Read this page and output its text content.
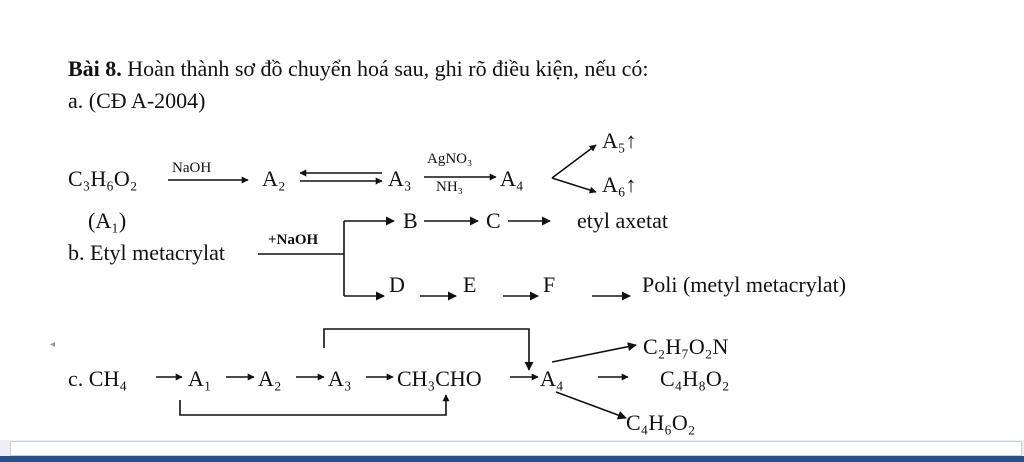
Bài 8. Hoàn thành sơ đồ chuyển hoá sau, ghi rõ điều kiện, nếu có:
a. (CĐ A-2004)
C₃H₆O₂ NaOH A₂	A₃
AgNO₃
NH₃ A₄
A₅↑
A₆↑
(A₁)
b. Etyl metacrylat	+NaOH
B	C	etyl axetat
D	E	F	Poli (metyl metacrylat)
c. CH₄	A₁ A₂ A₃ CH₃CHO	A₄
C₂H₇O₂N
C₄H₈O₂
C₄H₆O₂
◂
